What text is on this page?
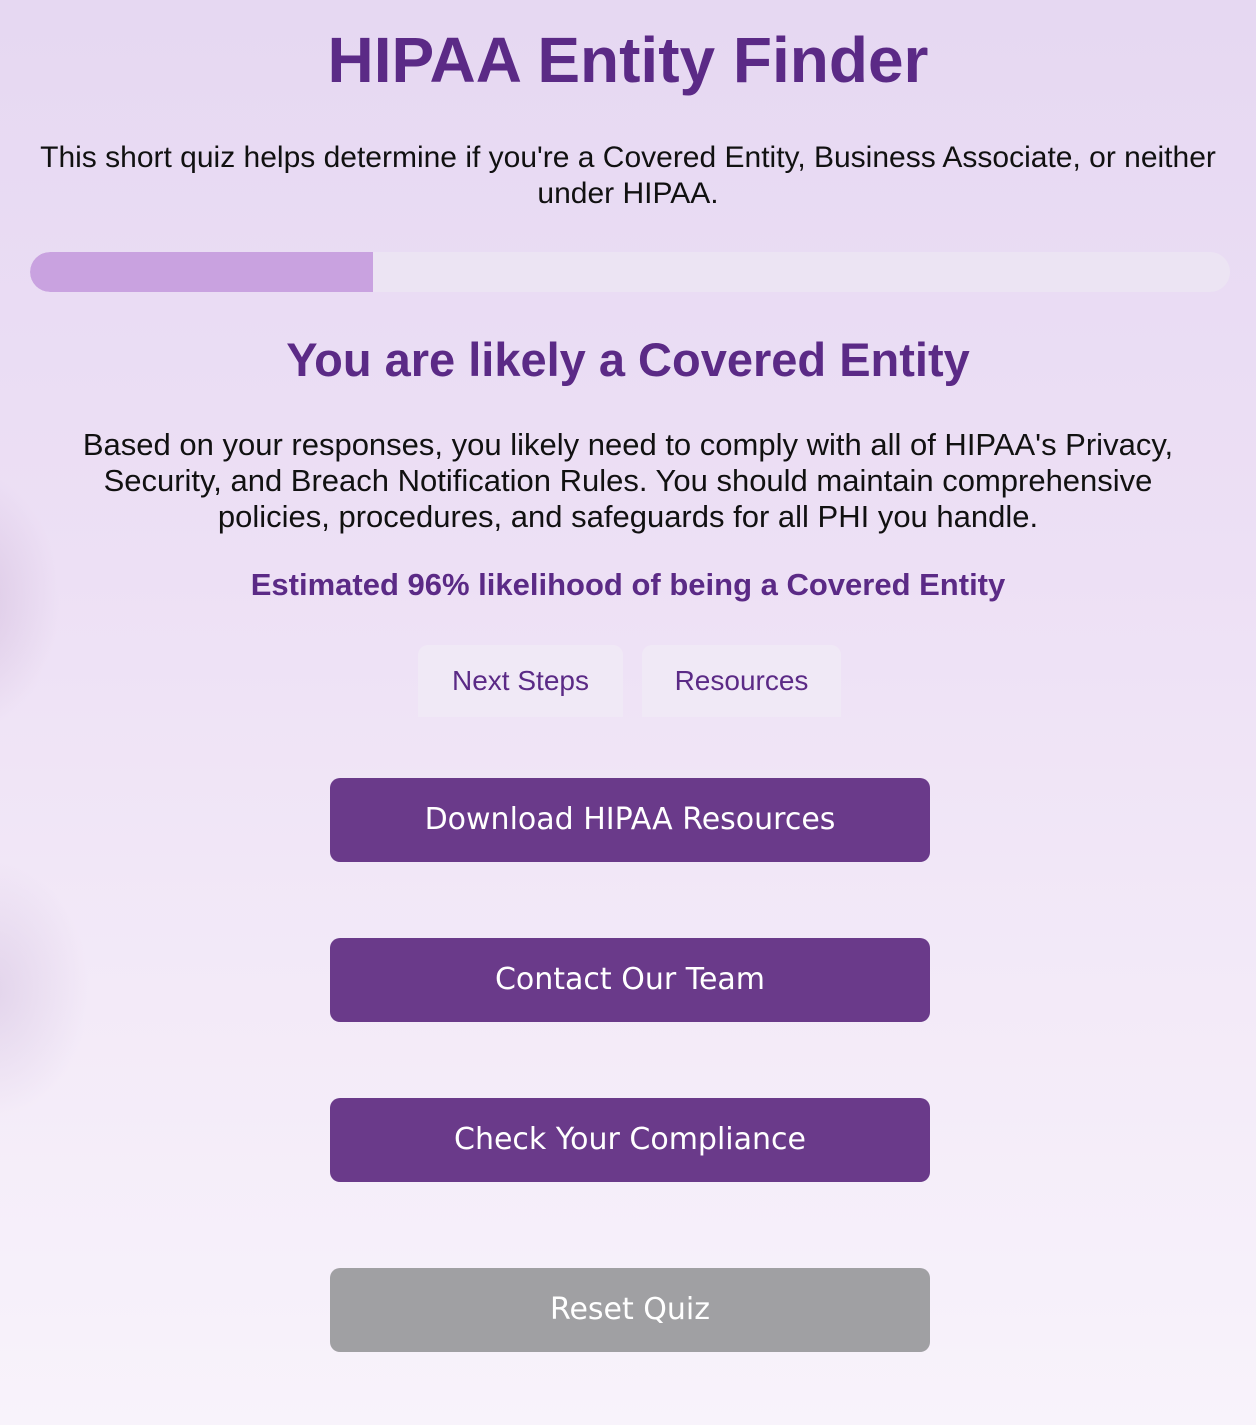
HIPAA Entity Finder

This short quiz helps determine if you're a Covered Entity, Business Associate, or neither under HIPAA.

You are likely a Covered Entity

Based on your responses, you likely need to comply with all of HIPAA's Privacy, Security, and Breach Notification Rules. You should maintain comprehensive policies, procedures, and safeguards for all PHI you handle.

Estimated 96% likelihood of being a Covered Entity

Next Steps	Resources
Download HIPAA Resources
Contact Our Team
Check Your Compliance
Reset Quiz
